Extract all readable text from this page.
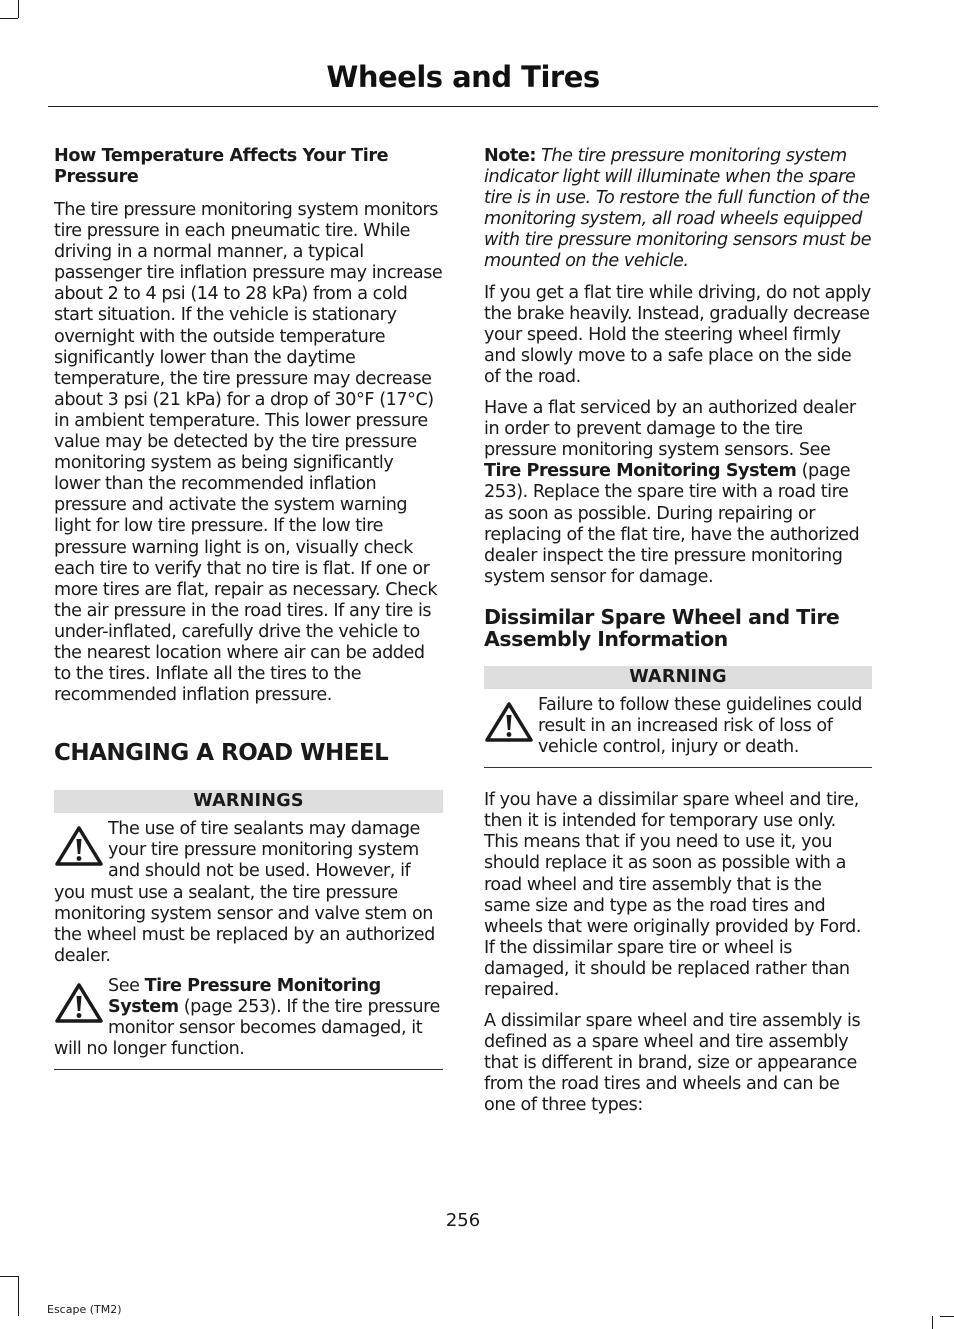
Wheels and Tires
How Temperature Affects Your Tire Pressure

The tire pressure monitoring system monitors tire pressure in each pneumatic tire. While driving in a normal manner, a typical passenger tire inflation pressure may increase about 2 to 4 psi (14 to 28 kPa) from a cold start situation. If the vehicle is stationary overnight with the outside temperature significantly lower than the daytime temperature, the tire pressure may decrease about 3 psi (21 kPa) for a drop of 30°F (17°C) in ambient temperature. This lower pressure value may be detected by the tire pressure monitoring system as being significantly lower than the recommended inflation pressure and activate the system warning light for low tire pressure. If the low tire pressure warning light is on, visually check each tire to verify that no tire is flat. If one or more tires are flat, repair as necessary. Check the air pressure in the road tires. If any tire is under-inflated, carefully drive the vehicle to the nearest location where air can be added to the tires. Inflate all the tires to the recommended inflation pressure.

CHANGING A ROAD WHEEL
WARNINGS
The use of tire sealants may damage your tire pressure monitoring system and should not be used. However, if you must use a sealant, the tire pressure monitoring system sensor and valve stem on the wheel must be replaced by an authorized dealer.
See Tire Pressure Monitoring System (page 253). If the tire pressure monitor sensor becomes damaged, it will no longer function.

Note: The tire pressure monitoring system indicator light will illuminate when the spare tire is in use. To restore the full function of the monitoring system, all road wheels equipped with tire pressure monitoring sensors must be mounted on the vehicle.

If you get a flat tire while driving, do not apply the brake heavily. Instead, gradually decrease your speed. Hold the steering wheel firmly and slowly move to a safe place on the side of the road.

Have a flat serviced by an authorized dealer in order to prevent damage to the tire pressure monitoring system sensors. See Tire Pressure Monitoring System (page 253). Replace the spare tire with a road tire as soon as possible. During repairing or replacing of the flat tire, have the authorized dealer inspect the tire pressure monitoring system sensor for damage.

Dissimilar Spare Wheel and Tire Assembly Information
WARNING
Failure to follow these guidelines could result in an increased risk of loss of vehicle control, injury or death.

If you have a dissimilar spare wheel and tire, then it is intended for temporary use only. This means that if you need to use it, you should replace it as soon as possible with a road wheel and tire assembly that is the same size and type as the road tires and wheels that were originally provided by Ford. If the dissimilar spare tire or wheel is damaged, it should be replaced rather than repaired.

A dissimilar spare wheel and tire assembly is defined as a spare wheel and tire assembly that is different in brand, size or appearance from the road tires and wheels and can be one of three types:

256
Escape (TM2)
